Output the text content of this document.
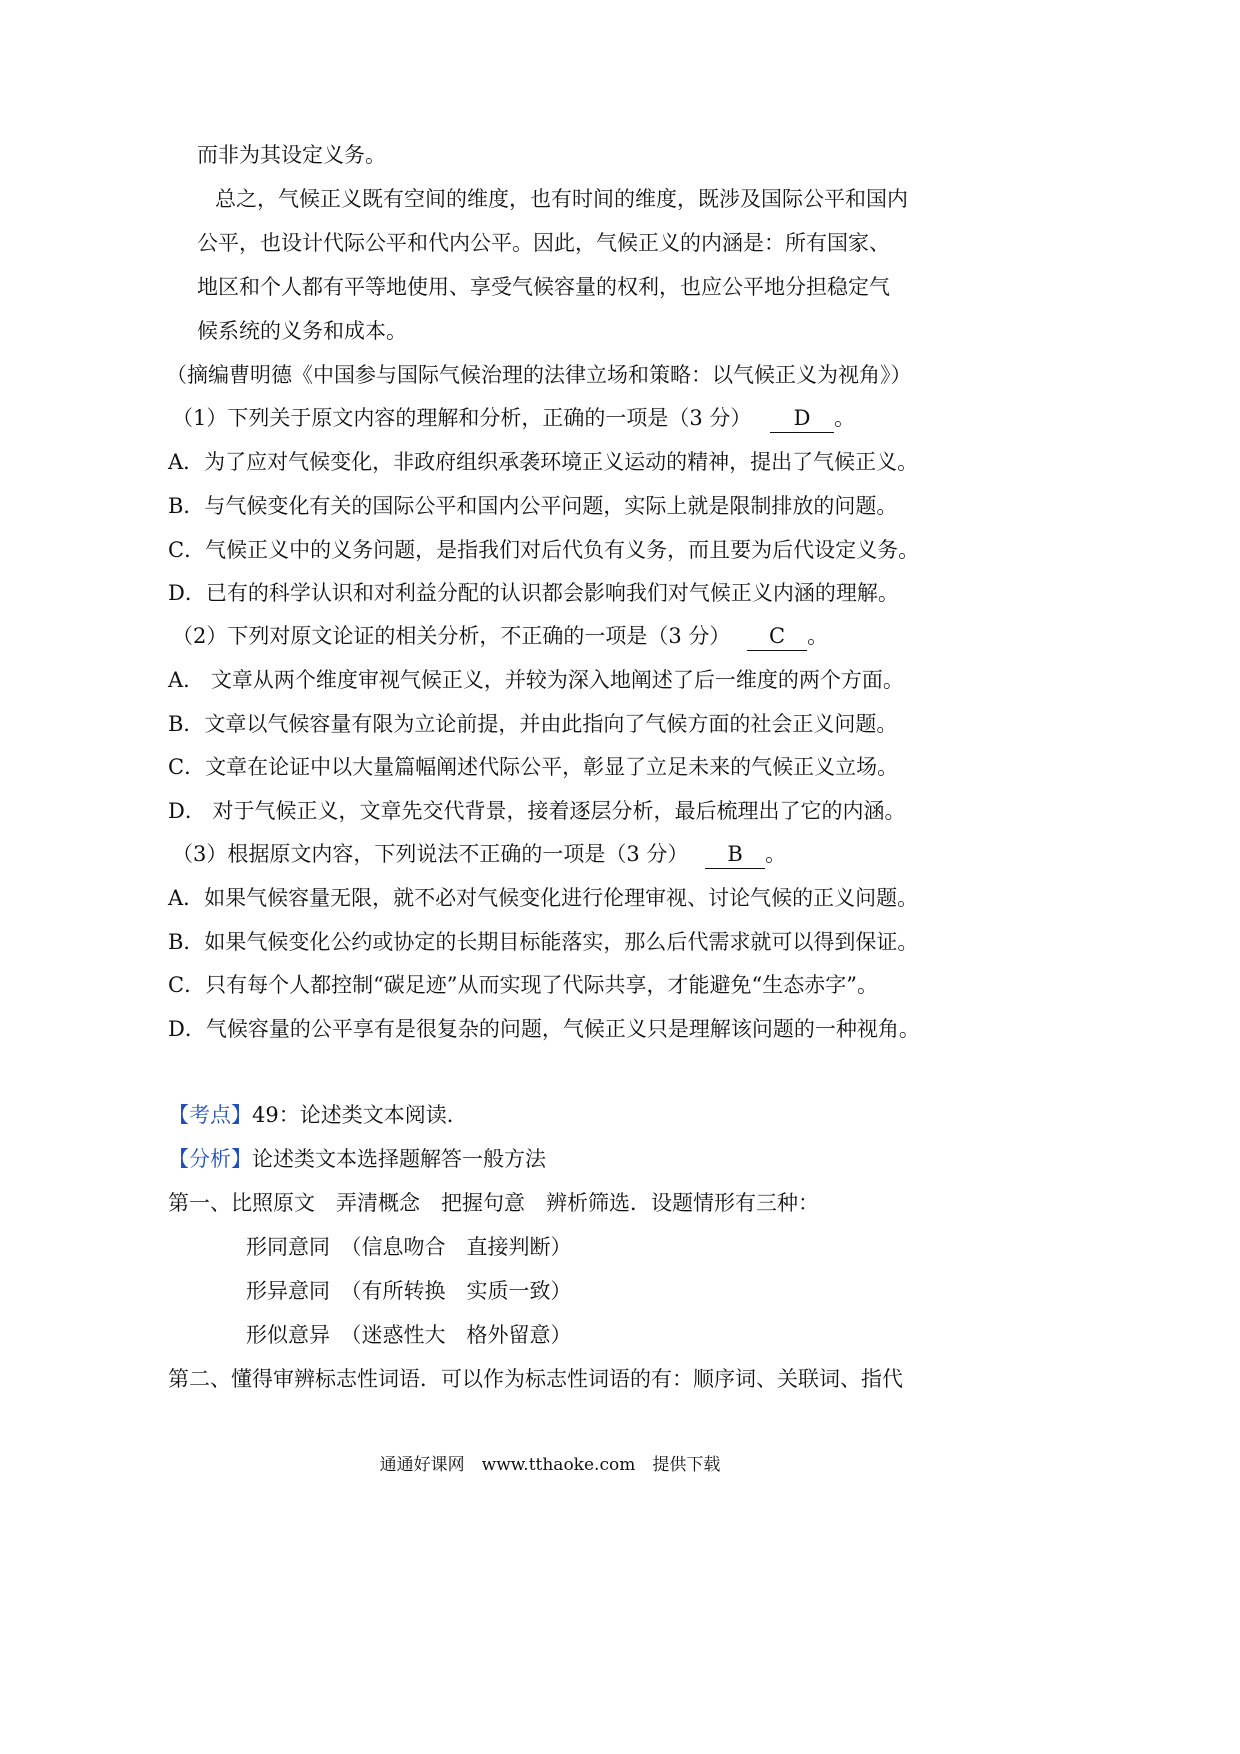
而非为其设定义务。
总之，气候正义既有空间的维度，也有时间的维度，既涉及国际公平和国内
公平，也设计代际公平和代内公平。因此，气候正义的内涵是：所有国家、
地区和个人都有平等地使用、享受气候容量的权利，也应公平地分担稳定气
候系统的义务和成本。
（摘编曹明德《中国参与国际气候治理的法律立场和策略：以气候正义为视角》）
（1）下列关于原文内容的理解和分析，正确的一项是（3 分） D 。
A．为了应对气候变化，非政府组织承袭环境正义运动的精神，提出了气候正义。
B．与气候变化有关的国际公平和国内公平问题，实际上就是限制排放的问题。
C．气候正义中的义务问题，是指我们对后代负有义务，而且要为后代设定义务。
D．已有的科学认识和对利益分配的认识都会影响我们对气候正义内涵的理解。
（2）下列对原文论证的相关分析，不正确的一项是（3 分） C 。
A． 文章从两个维度审视气候正义，并较为深入地阐述了后一维度的两个方面。
B．文章以气候容量有限为立论前提，并由此指向了气候方面的社会正义问题。
C．文章在论证中以大量篇幅阐述代际公平，彰显了立足未来的气候正义立场。
D． 对于气候正义，文章先交代背景，接着逐层分析，最后梳理出了它的内涵。
（3）根据原文内容，下列说法不正确的一项是（3 分） B 。
A．如果气候容量无限，就不必对气候变化进行伦理审视、讨论气候的正义问题。
B．如果气候变化公约或协定的长期目标能落实，那么后代需求就可以得到保证。
C．只有每个人都控制“碳足迹”从而实现了代际共享，才能避免“生态赤字”。
D．气候容量的公平享有是很复杂的问题，气候正义只是理解该问题的一种视角。
【考点】49：论述类文本阅读．
【分析】论述类文本选择题解答一般方法
第一、比照原文　弄清概念　把握句意　辨析筛选．设题情形有三种：
形同意同　（信息吻合　直接判断）
形异意同　（有所转换　实质一致）
形似意异　（迷惑性大　格外留意）
第二、懂得审辨标志性词语．可以作为标志性词语的有：顺序词、关联词、指代
通通好课网　www.tthaoke.com　提供下载
